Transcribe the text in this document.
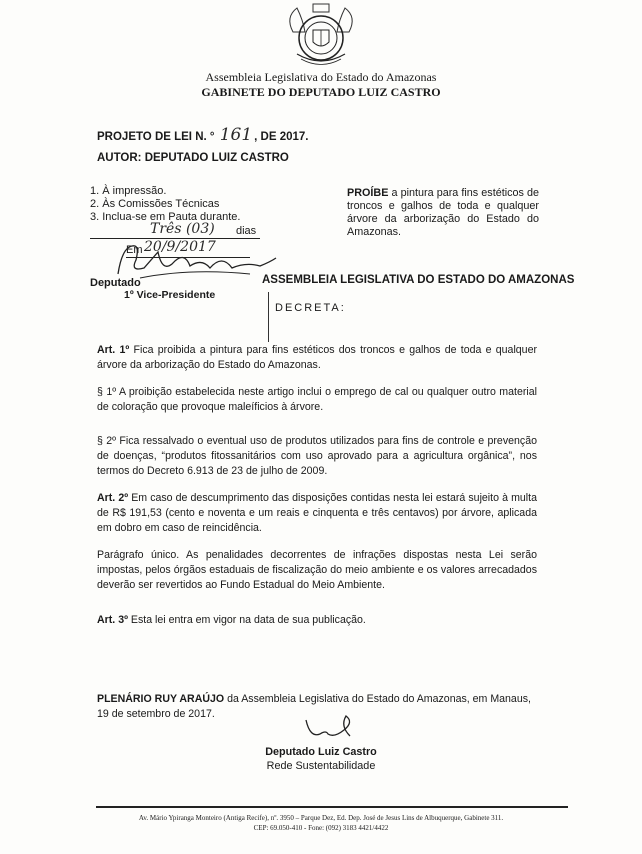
Assembleia Legislativa do Estado do Amazonas
GABINETE DO DEPUTADO LUIZ CASTRO
PROJETO DE LEI N. ° 161 , DE 2017.
AUTOR: DEPUTADO LUIZ CASTRO
1. À impressão.
2. Às Comissões Técnicas
3. Inclua-se em Pauta durante.
Três (03) dias
Em 20/9/2017
Deputado
1º Vice-Presidente
PROÍBE a pintura para fins estéticos de troncos e galhos de toda e qualquer árvore da arborização do Estado do Amazonas.
ASSEMBLEIA LEGISLATIVA DO ESTADO DO AMAZONAS
DECRETA:
Art. 1º Fica proibida a pintura para fins estéticos dos troncos e galhos de toda e qualquer árvore da arborização do Estado do Amazonas.
§ 1º A proibição estabelecida neste artigo inclui o emprego de cal ou qualquer outro material de coloração que provoque maleíficios à árvore.
§ 2º Fica ressalvado o eventual uso de produtos utilizados para fins de controle e prevenção de doenças, “produtos fitossanitários com uso aprovado para a agricultura orgânica”, nos termos do Decreto 6.913 de 23 de julho de 2009.
Art. 2º Em caso de descumprimento das disposições contidas nesta lei estará sujeito à multa de R$ 191,53 (cento e noventa e um reais e cinquenta e três centavos) por árvore, aplicada em dobro em caso de reincidência.
Parágrafo único. As penalidades decorrentes de infrações dispostas nesta Lei serão impostas, pelos órgãos estaduais de fiscalização do meio ambiente e os valores arrecadados deverão ser revertidos ao Fundo Estadual do Meio Ambiente.
Art. 3º Esta lei entra em vigor na data de sua publicação.
PLENÁRIO RUY ARAÚJO da Assembleia Legislativa do Estado do Amazonas, em Manaus, 19 de setembro de 2017.
Deputado Luiz Castro
Rede Sustentabilidade
Av. Mário Ypiranga Monteiro (Antiga Recife), nº. 3950 – Parque Dez, Ed. Dep. José de Jesus Lins de Albuquerque, Gabinete 311.
CEP: 69.050-410 - Fone: (092) 3183 4421/4422
